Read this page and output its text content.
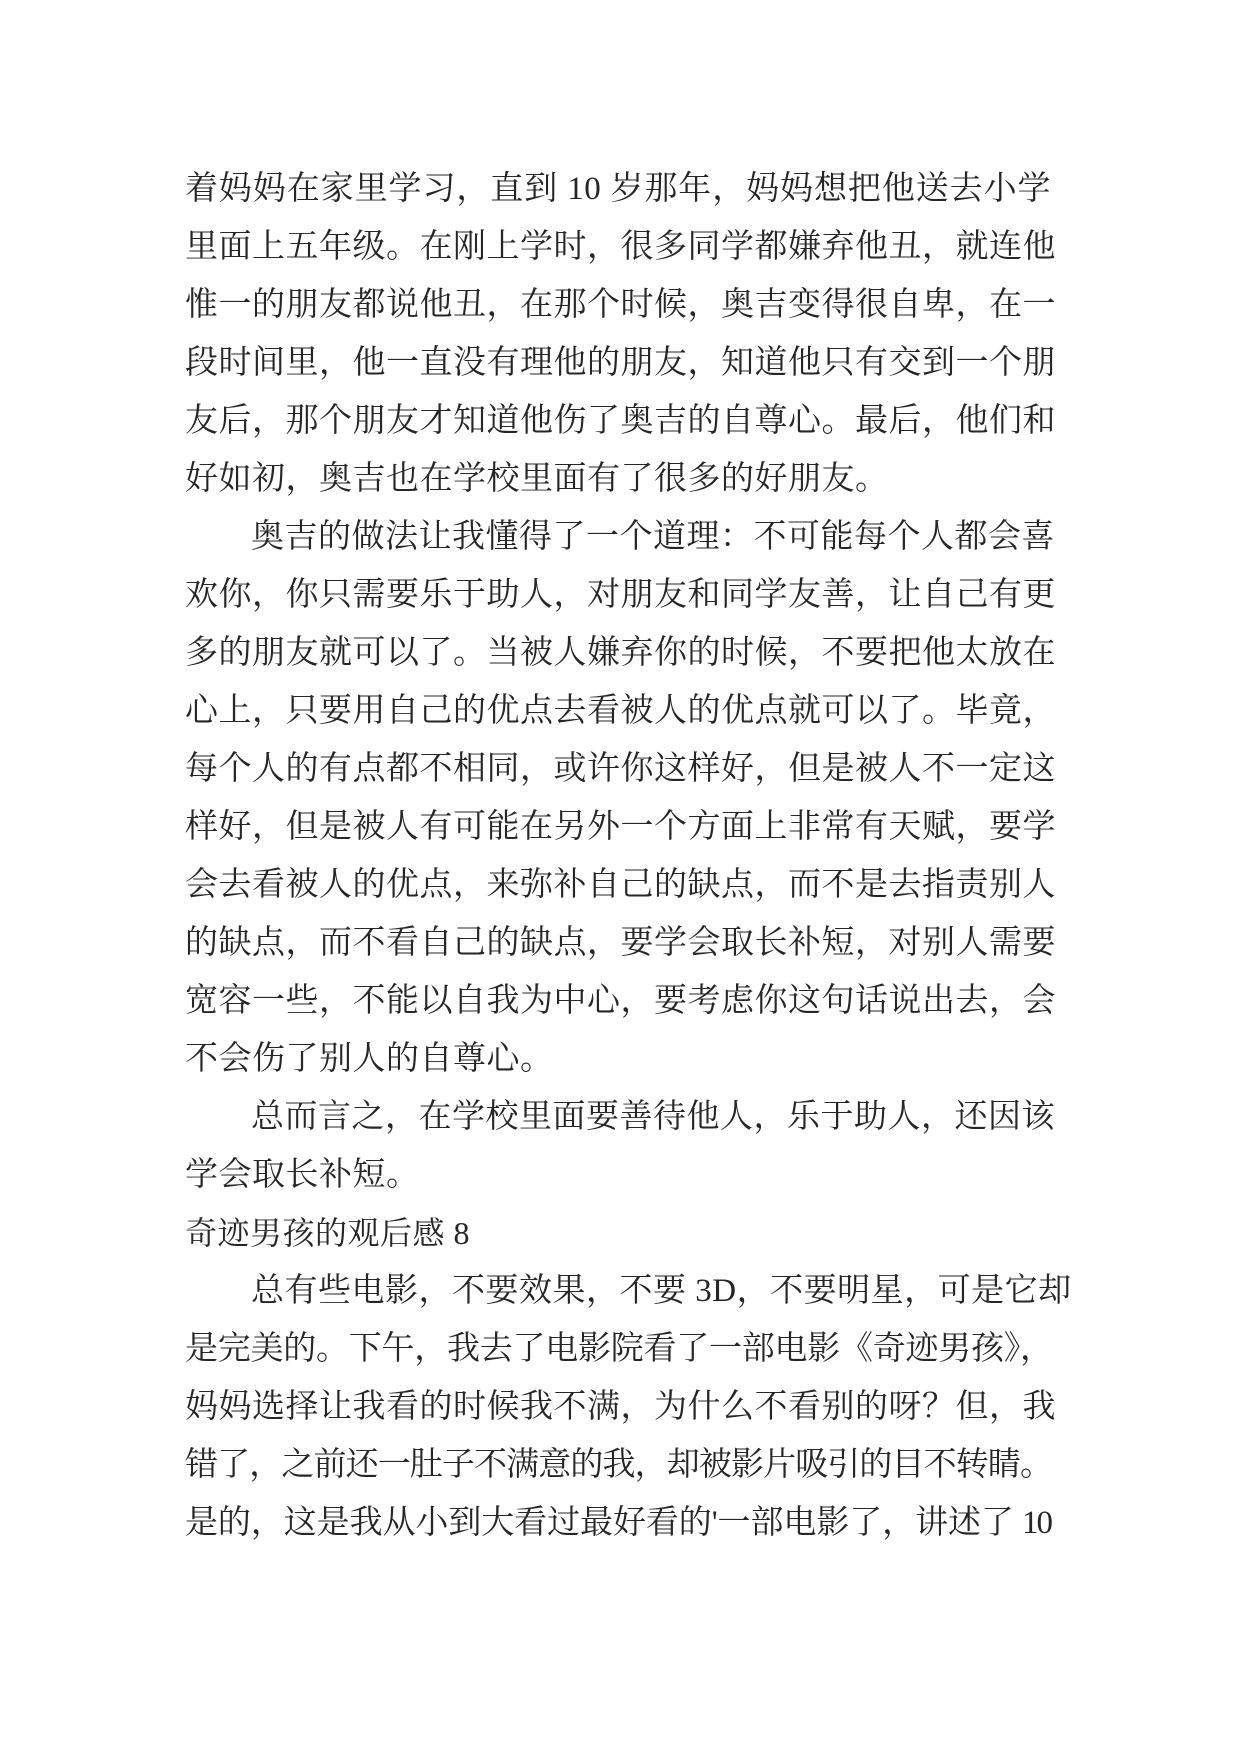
着妈妈在家里学习，直到 10 岁那年，妈妈想把他送去小学
里面上五年级。在刚上学时，很多同学都嫌弃他丑，就连他
惟一的朋友都说他丑，在那个时候，奥吉变得很自卑，在一
段时间里，他一直没有理他的朋友，知道他只有交到一个朋
友后，那个朋友才知道他伤了奥吉的自尊心。最后，他们和
好如初，奥吉也在学校里面有了很多的好朋友。
奥吉的做法让我懂得了一个道理：不可能每个人都会喜
欢你，你只需要乐于助人，对朋友和同学友善，让自己有更
多的朋友就可以了。当被人嫌弃你的时候，不要把他太放在
心上，只要用自己的优点去看被人的优点就可以了。毕竟，
每个人的有点都不相同，或许你这样好，但是被人不一定这
样好，但是被人有可能在另外一个方面上非常有天赋，要学
会去看被人的优点，来弥补自己的缺点，而不是去指责别人
的缺点，而不看自己的缺点，要学会取长补短，对别人需要
宽容一些，不能以自我为中心，要考虑你这句话说出去，会
不会伤了别人的自尊心。
总而言之，在学校里面要善待他人，乐于助人，还因该
学会取长补短。
奇迹男孩的观后感 8
总有些电影，不要效果，不要 3D，不要明星，可是它却
是完美的。下午，我去了电影院看了一部电影《奇迹男孩》，
妈妈选择让我看的时候我不满，为什么不看别的呀？但，我
错了，之前还一肚子不满意的我，却被影片吸引的目不转睛。
是的，这是我从小到大看过最好看的'一部电影了，讲述了 10
